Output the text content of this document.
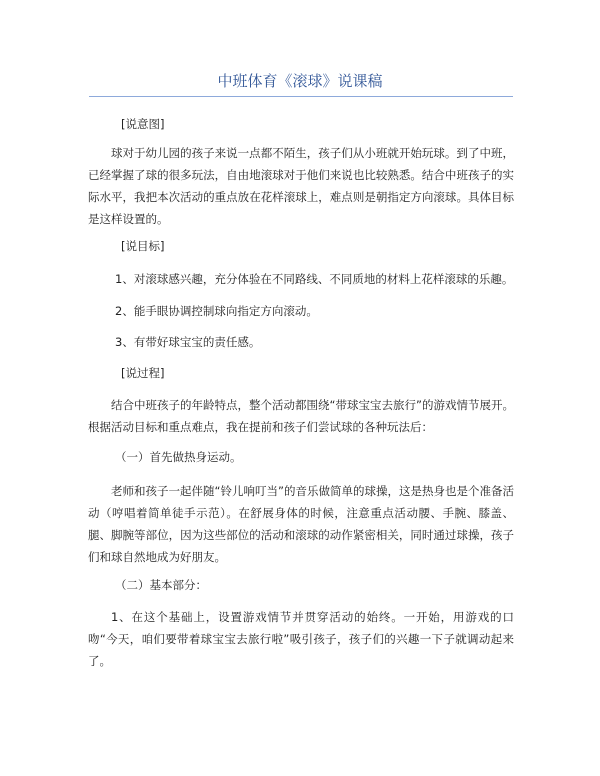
中班体育《滚球》说课稿
[说意图]
球对于幼儿园的孩子来说一点都不陌生，孩子们从小班就开始玩球。到了中班，已经掌握了球的很多玩法，自由地滚球对于他们来说也比较熟悉。结合中班孩子的实际水平，我把本次活动的重点放在花样滚球上，难点则是朝指定方向滚球。具体目标是这样设置的。
[说目标]
1、对滚球感兴趣，充分体验在不同路线、不同质地的材料上花样滚球的乐趣。
2、能手眼协调控制球向指定方向滚动。
3、有带好球宝宝的责任感。
[说过程]
结合中班孩子的年龄特点，整个活动都围绕“带球宝宝去旅行”的游戏情节展开。根据活动目标和重点难点，我在提前和孩子们尝试球的各种玩法后：
（一）首先做热身运动。
老师和孩子一起伴随“铃儿响叮当”的音乐做简单的球操，这是热身也是个准备活动（哼唱着简单徒手示范）。在舒展身体的时候，注意重点活动腰、手腕、膝盖、腿、脚腕等部位，因为这些部位的活动和滚球的动作紧密相关，同时通过球操，孩子们和球自然地成为好朋友。
（二）基本部分：
1、在这个基础上，设置游戏情节并贯穿活动的始终。一开始，用游戏的口吻“今天，咱们要带着球宝宝去旅行啦”吸引孩子，孩子们的兴趣一下子就调动起来了。
